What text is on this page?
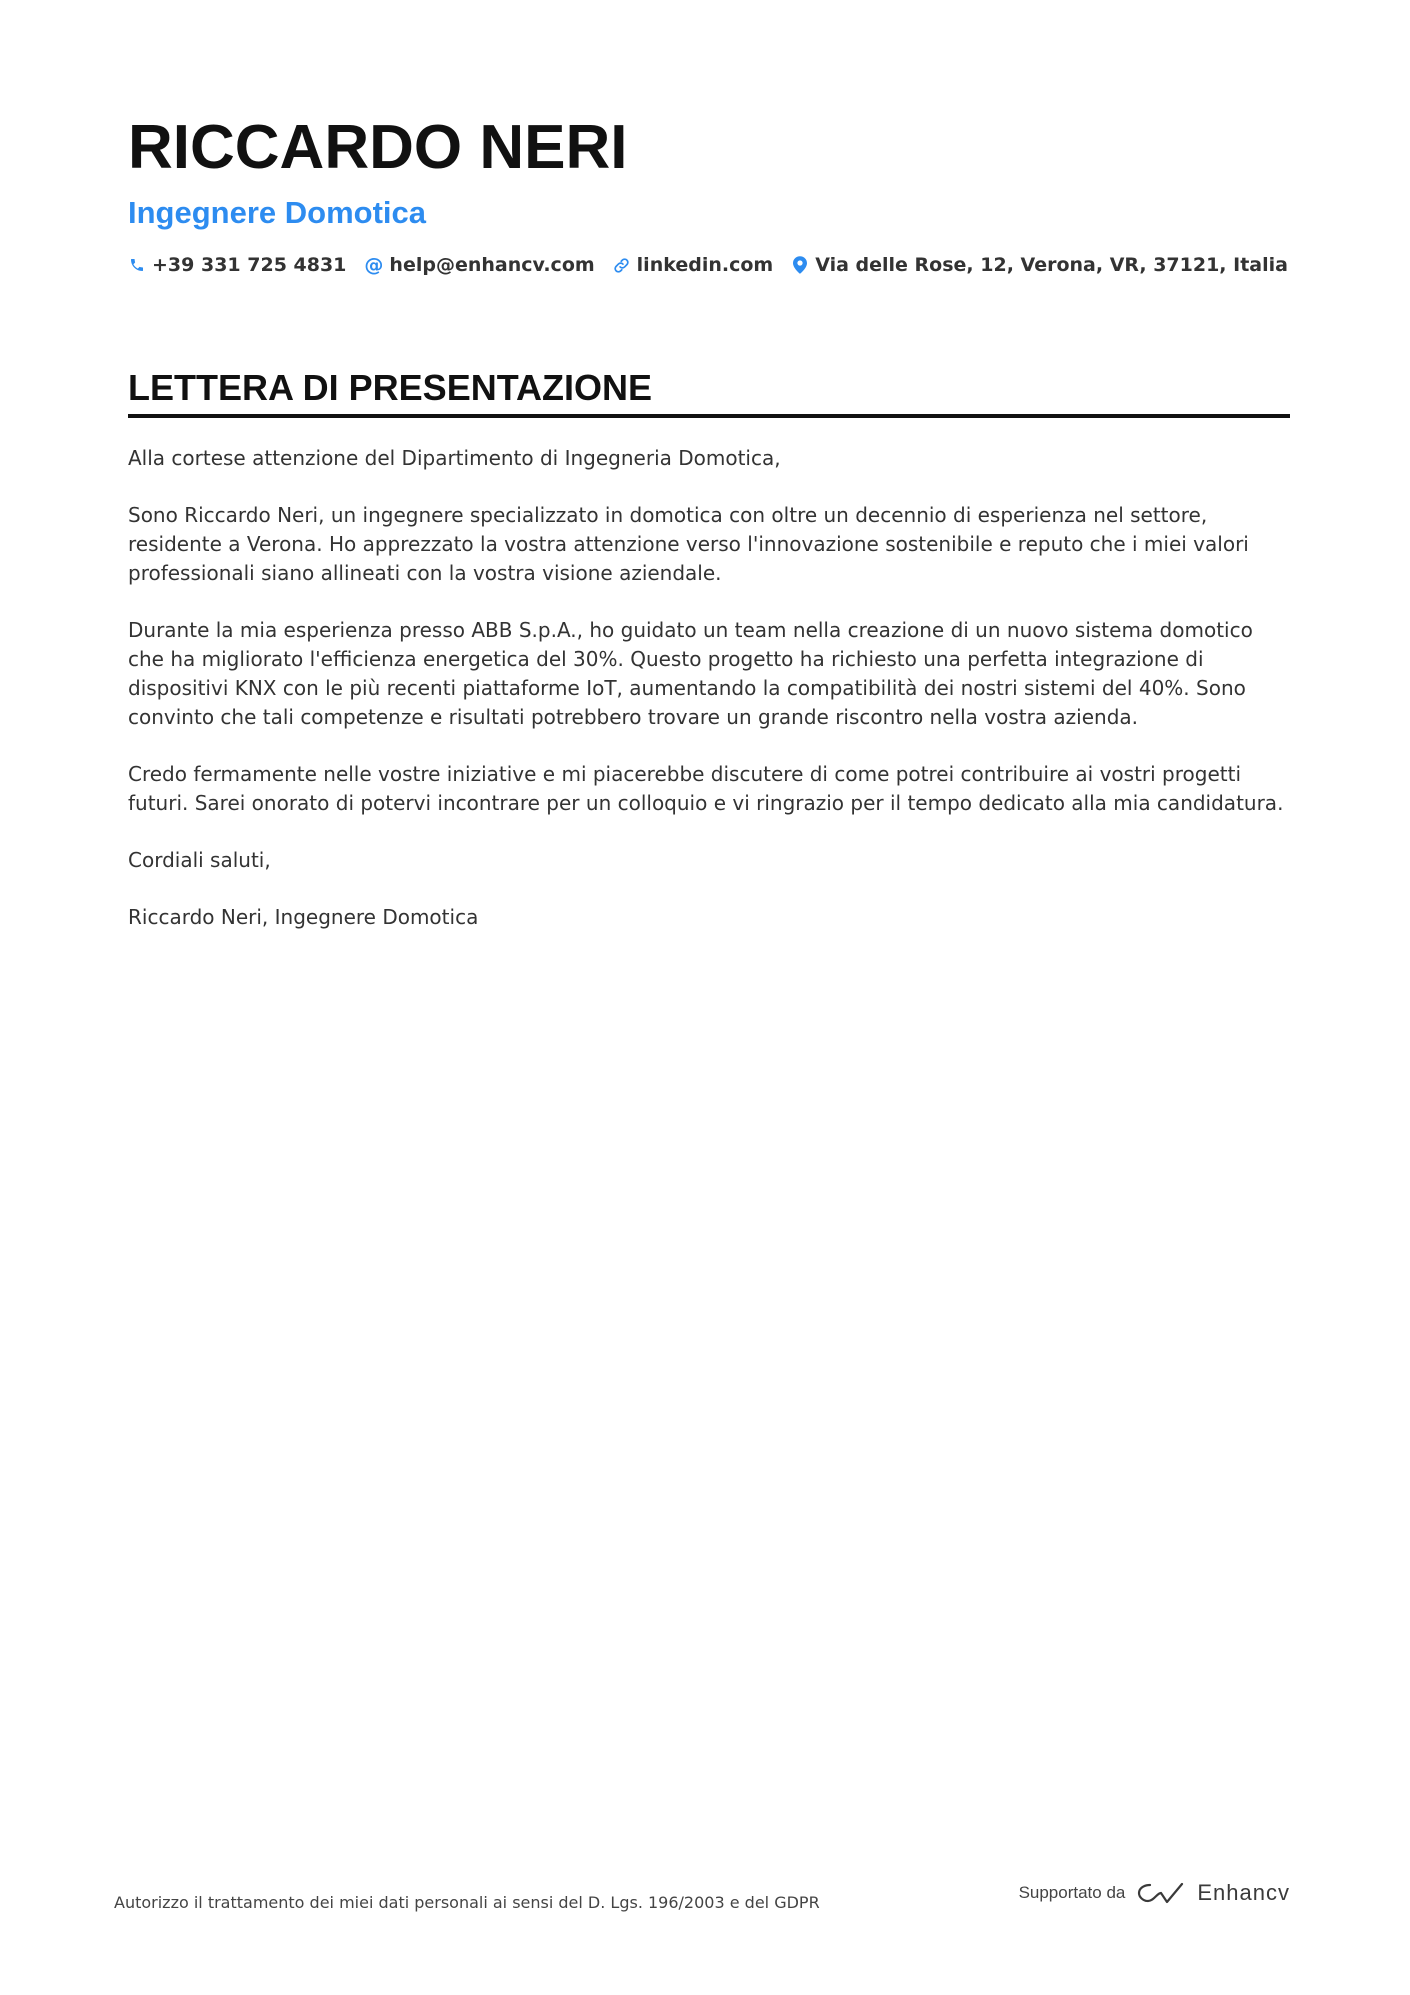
RICCARDO NERI
Ingegnere Domotica
+39 331 725 4831 @ help@enhancv.com linkedin.com Via delle Rose, 12, Verona, VR, 37121, Italia
LETTERA DI PRESENTAZIONE

Alla cortese attenzione del Dipartimento di Ingegneria Domotica,

Sono Riccardo Neri, un ingegnere specializzato in domotica con oltre un decennio di esperienza nel settore, residente a Verona. Ho apprezzato la vostra attenzione verso l'innovazione sostenibile e reputo che i miei valori professionali siano allineati con la vostra visione aziendale.

Durante la mia esperienza presso ABB S.p.A., ho guidato un team nella creazione di un nuovo sistema domotico che ha migliorato l'efficienza energetica del 30%. Questo progetto ha richiesto una perfetta integrazione di dispositivi KNX con le più recenti piattaforme IoT, aumentando la compatibilità dei nostri sistemi del 40%. Sono convinto che tali competenze e risultati potrebbero trovare un grande riscontro nella vostra azienda.

Credo fermamente nelle vostre iniziative e mi piacerebbe discutere di come potrei contribuire ai vostri progetti futuri. Sarei onorato di potervi incontrare per un colloquio e vi ringrazio per il tempo dedicato alla mia candidatura.

Cordiali saluti,

Riccardo Neri, Ingegnere Domotica

Autorizzo il trattamento dei miei dati personali ai sensi del D. Lgs. 196/2003 e del GDPR
Supportato da	Enhancv
